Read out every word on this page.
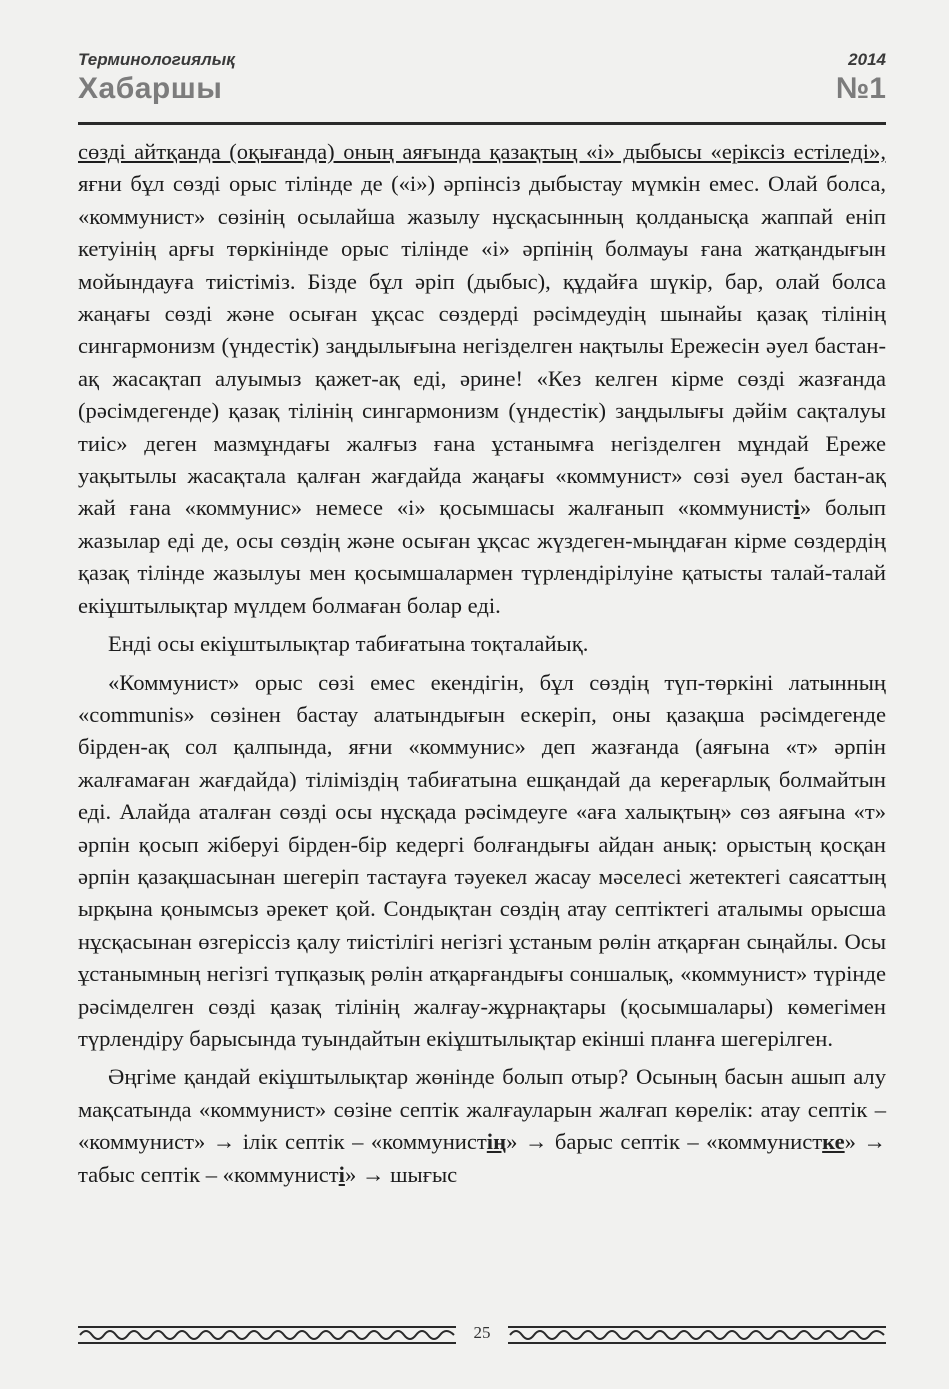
Терминологиялық
Хабаршы
2014
№1

сөзді айтқанда (оқығанда) оның аяғында қазақтың «і» дыбысы «еріксіз естіледі», яғни бұл сөзді орыс тілінде де («і») әрпінсіз дыбыстау мүмкін емес. Олай болса, «коммунист» сөзінің осылайша жазылу нұсқасынның қолданысқа жаппай еніп кетуінің арғы төркінінде орыс тілінде «і» әрпінің болмауы ғана жатқандығын мойындауға тиістіміз. Бізде бұл әріп (дыбыс), құдайға шүкір, бар, олай болса жаңағы сөзді және осыған ұқсас сөздерді рәсімдеудің шынайы қазақ тілінің сингармонизм (үндестік) заңдылығына негізделген нақтылы Ережесін әуел бастан-ақ жасақтап алуымыз қажет-ақ еді, әрине! «Кез келген кірме сөзді жазғанда (рәсімдегенде) қазақ тілінің сингармонизм (үндестік) заңдылығы дәйім сақталуы тиіс» деген мазмұндағы жалғыз ғана ұстанымға негізделген мұндай Ереже уақытылы жасақтала қалған жағдайда жаңағы «коммунист» сөзі әуел бастан-ақ жай ғана «коммунис» немесе «і» қосымшасы жалғанып «коммунисті» болып жазылар еді де, осы сөздің және осыған ұқсас жүздеген-мыңдаған кірме сөздердің қазақ тілінде жазылуы мен қосымшалармен түрлендірілуіне қатысты талай-талай екіұштылықтар мүлдем болмаған болар еді.

Енді осы екіұштылықтар табиғатына тоқталайық.

«Коммунист» орыс сөзі емес екендігін, бұл сөздің түп-төркіні латынның «communis» сөзінен бастау алатындығын ескеріп, оны қазақша рәсімдегенде бірден-ақ сол қалпында, яғни «коммунис» деп жазғанда (аяғына «т» әрпін жалғамаған жағдайда) тіліміздің табиғатына ешқандай да кереғарлық болмайтын еді. Алайда аталған сөзді осы нұсқада рәсімдеуге «аға халықтың» сөз аяғына «т» әрпін қосып жіберуі бірден-бір кедергі болғандығы айдан анық: орыстың қосқан әрпін қазақшасынан шегеріп тастауға тәуекел жасау мәселесі жетектегі саясаттың ырқына қонымсыз әрекет қой. Сондықтан сөздің атау септіктегі аталымы орысша нұсқасынан өзгеріссіз қалу тиістілігі негізгі ұстаным рөлін атқарған сыңайлы. Осы ұстанымның негізгі түпқазық рөлін атқарғандығы соншалық, «коммунист» түрінде рәсімделген сөзді қазақ тілінің жалғау-жұрнақтары (қосымшалары) көмегімен түрлендіру барысында туындайтын екіұштылықтар екінші планға шегерілген.

Әңгіме қандай екіұштылықтар жөнінде болып отыр? Осының басын ашып алу мақсатында «коммунист» сөзіне септік жалғауларын жалғап көрелік: атау септік – «коммунист» → ілік септік – «коммунистің» → барыс септік – «коммунистке» → табыс септік – «коммунисті» → шығыс

25
